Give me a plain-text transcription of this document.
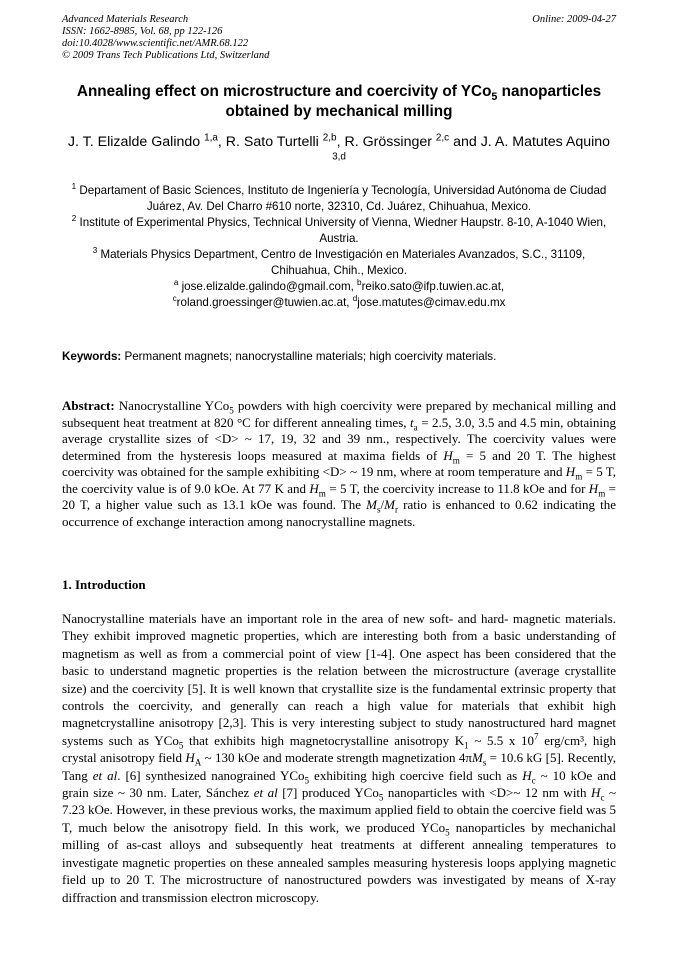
Advanced Materials Research
ISSN: 1662-8985, Vol. 68, pp 122-126
doi:10.4028/www.scientific.net/AMR.68.122
© 2009 Trans Tech Publications Ltd, Switzerland
Online: 2009-04-27
Annealing effect on microstructure and coercivity of YCo$_5$ nanoparticles obtained by mechanical milling
J. T. Elizalde Galindo $^{1,a}$, R. Sato Turtelli $^{2,b}$, R. Grössinger $^{2,c}$ and J. A. Matutes Aquino $^{3,d}$
$^1$ Departament of Basic Sciences, Instituto de Ingeniería y Tecnología, Universidad Autónoma de Ciudad Juárez, Av. Del Charro #610 norte, 32310, Cd. Juárez, Chihuahua, Mexico.
$^2$ Institute of Experimental Physics, Technical University of Vienna, Wiedner Haupstr. 8-10, A-1040 Wien, Austria.
$^3$ Materials Physics Department, Centro de Investigación en Materiales Avanzados, S.C., 31109, Chihuahua, Chih., Mexico.
$^a$ jose.elizalde.galindo@gmail.com, $^b$reiko.sato@ifp.tuwien.ac.at,
$^c$roland.groessinger@tuwien.ac.at, $^d$jose.matutes@cimav.edu.mx
Keywords: Permanent magnets; nanocrystalline materials; high coercivity materials.
Abstract: Nanocrystalline YCo$_5$ powders with high coercivity were prepared by mechanical milling and subsequent heat treatment at 820 °C for different annealing times, $t_a = 2.5$, 3.0, 3.5 and 4.5 min, obtaining average crystallite sizes of <D> ~ 17, 19, 32 and 39 nm., respectively. The coercivity values were determined from the hysteresis loops measured at maxima fields of $H_m = 5$ and 20 T. The highest coercivity was obtained for the sample exhibiting <D> ~ 19 nm, where at room temperature and $H_m = 5$ T, the coercivity value is of 9.0 kOe. At 77 K and $H_m = 5$ T, the coercivity increase to 11.8 kOe and for $H_m = 20$ T, a higher value such as 13.1 kOe was found. The $M_s/M_r$ ratio is enhanced to 0.62 indicating the occurrence of exchange interaction among nanocrystalline magnets.
1. Introduction
Nanocrystalline materials have an important role in the area of new soft- and hard- magnetic materials. They exhibit improved magnetic properties, which are interesting both from a basic understanding of magnetism as well as from a commercial point of view [1-4]. One aspect has been considered that the basic to understand magnetic properties is the relation between the microstructure (average crystallite size) and the coercivity [5]. It is well known that crystallite size is the fundamental extrinsic property that controls the coercivity, and generally can reach a high value for materials that exhibit high magnetcrystalline anisotropy [2,3]. This is very interesting subject to study nanostructured hard magnet systems such as YCo$_5$ that exhibits high magnetocrystalline anisotropy $K_1$ ~ 5.5 x $10^7$ erg/cm³, high crystal anisotropy field $H_A$ ~ 130 kOe and moderate strength magnetization $4\pi M_s = 10.6$ kG [5]. Recently, Tang et al. [6] synthesized nanograined YCo$_5$ exhibiting high coercive field such as $H_c$ ~ 10 kOe and grain size ~ 30 nm. Later, Sánchez et al [7] produced YCo$_5$ nanoparticles with <D>~ 12 nm with $H_c$ ~ 7.23 kOe. However, in these previous works, the maximum applied field to obtain the coercive field was 5 T, much below the anisotropy field. In this work, we produced YCo$_5$ nanoparticles by mechanichal milling of as-cast alloys and subsequently heat treatments at different annealing temperatures to investigate magnetic properties on these annealed samples measuring hysteresis loops applying magnetic field up to 20 T. The microstructure of nanostructured powders was investigated by means of X-ray diffraction and transmission electron microscopy.
